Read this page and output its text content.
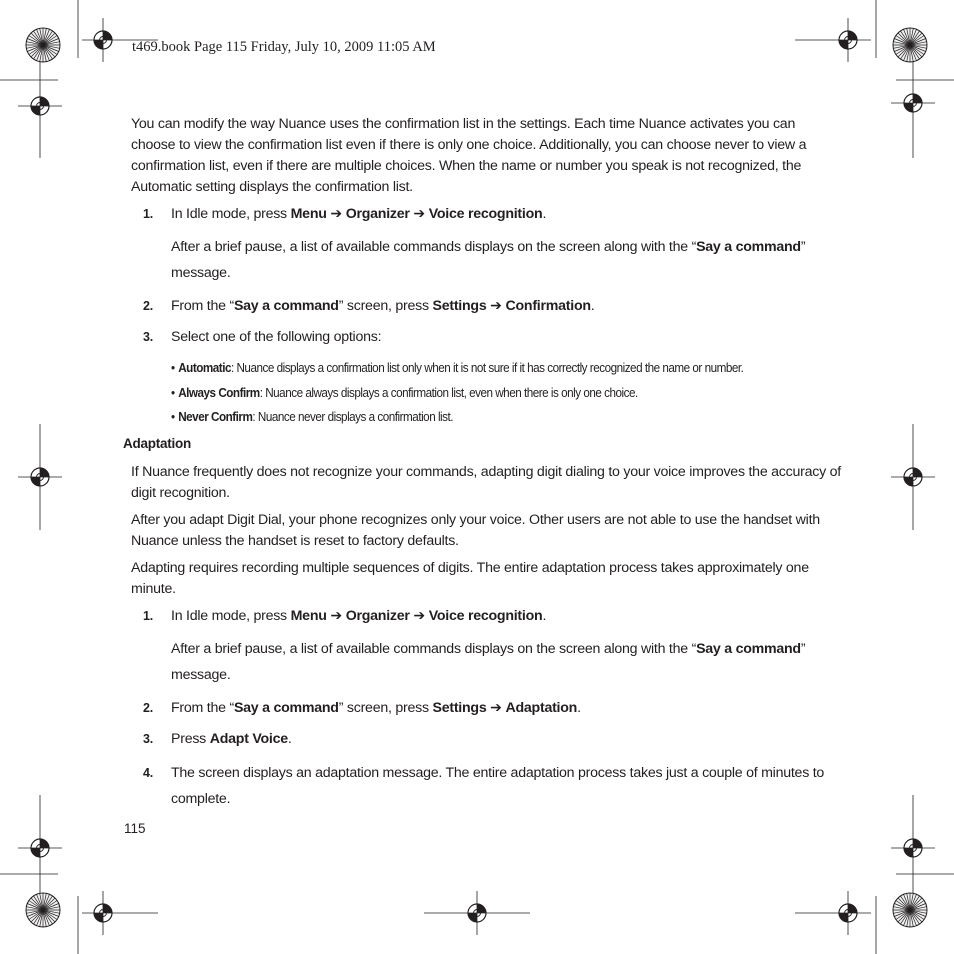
t469.book Page 115 Friday, July 10, 2009 11:05 AM

You can modify the way Nuance uses the confirmation list in the settings. Each time Nuance activates you can choose to view the confirmation list even if there is only one choice. Additionally, you can choose never to view a confirmation list, even if there are multiple choices. When the name or number you speak is not recognized, the Automatic setting displays the confirmation list.

1. In Idle mode, press Menu ➔ Organizer ➔ Voice recognition.
After a brief pause, a list of available commands displays on the screen along with the “Say a command” message.
2. From the “Say a command” screen, press Settings ➔ Confirmation.
3. Select one of the following options:
• Automatic: Nuance displays a confirmation list only when it is not sure if it has correctly recognized the name or number.
• Always Confirm: Nuance always displays a confirmation list, even when there is only one choice.
• Never Confirm: Nuance never displays a confirmation list.

Adaptation

If Nuance frequently does not recognize your commands, adapting digit dialing to your voice improves the accuracy of digit recognition.

After you adapt Digit Dial, your phone recognizes only your voice. Other users are not able to use the handset with Nuance unless the handset is reset to factory defaults.

Adapting requires recording multiple sequences of digits. The entire adaptation process takes approximately one minute.

1. In Idle mode, press Menu ➔ Organizer ➔ Voice recognition.
After a brief pause, a list of available commands displays on the screen along with the “Say a command” message.
2. From the “Say a command” screen, press Settings ➔ Adaptation.
3. Press Adapt Voice.
4. The screen displays an adaptation message. The entire adaptation process takes just a couple of minutes to complete.
115
